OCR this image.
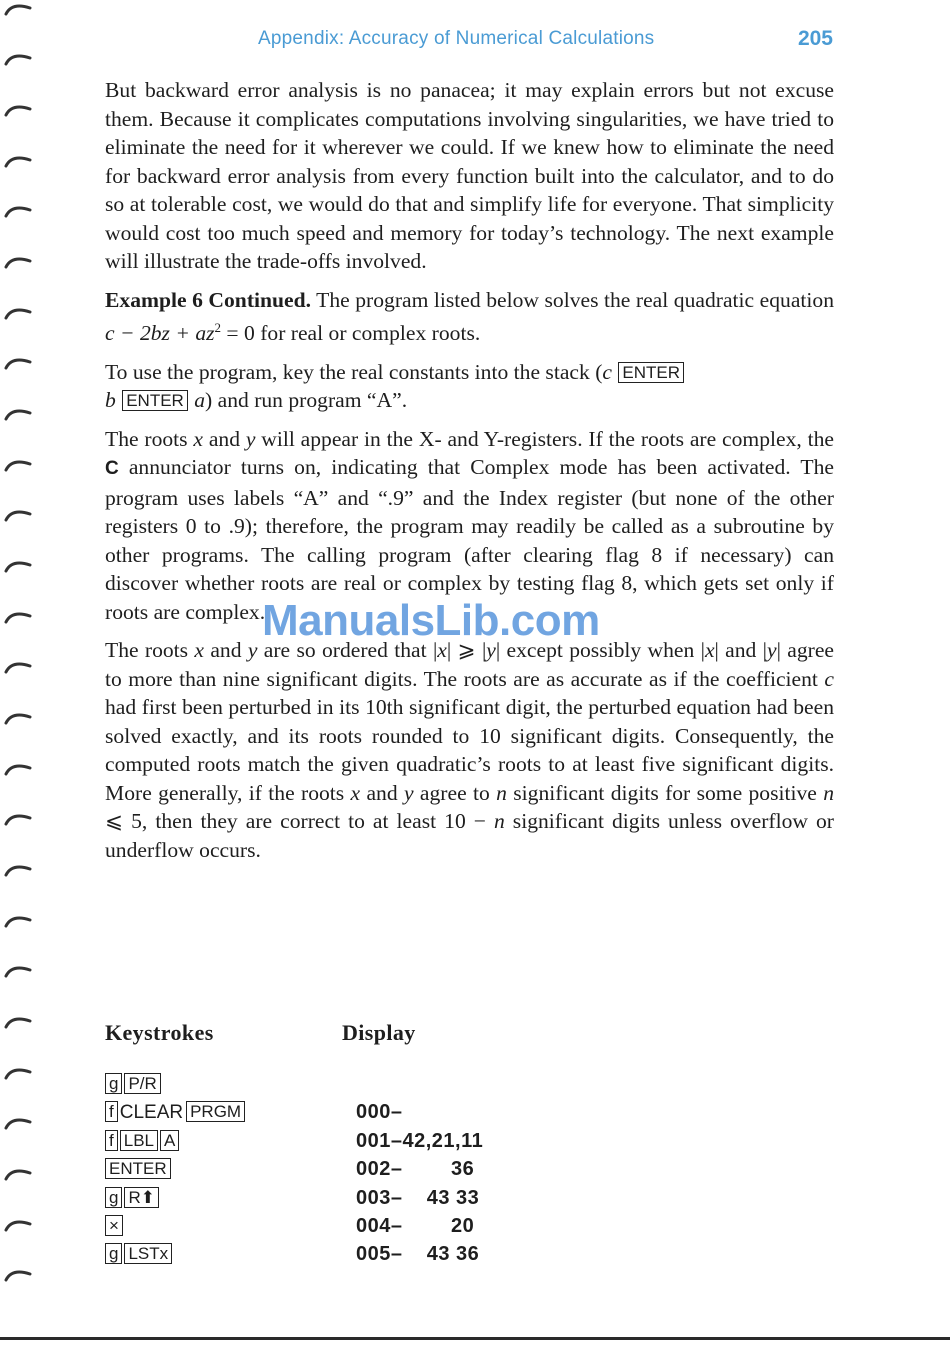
Appendix: Accuracy of Numerical Calculations	205

But backward error analysis is no panacea; it may explain errors but not excuse them. Because it complicates computations involving singularities, we have tried to eliminate the need for it wherever we could. If we knew how to eliminate the need for backward error analysis from every function built into the calculator, and to do so at tolerable cost, we would do that and simplify life for everyone. That simplicity would cost too much speed and memory for today’s technology. The next example will illustrate the trade-offs involved.

Example 6 Continued. The program listed below solves the real quadratic equation $c - 2bz + az^2 = 0$ for real or complex roots.

To use the program, key the real constants into the stack (c ENTER
b ENTER a) and run program “A”.

The roots x and y will appear in the X- and Y-registers. If the roots are complex, the C annunciator turns on, indicating that Complex mode has been activated. The program uses labels “A” and “.9” and the Index register (but none of the other registers 0 to .9); therefore, the program may readily be called as a subroutine by other programs. The calling program (after clearing flag 8 if necessary) can discover whether roots are real or complex by testing flag 8, which gets set only if roots are complex.

The roots x and y are so ordered that |x| ⩾ |y| except possibly when |x| and |y| agree to more than nine significant digits. The roots are as accurate as if the coefficient c had first been perturbed in its 10th significant digit, the perturbed equation had been solved exactly, and its roots rounded to 10 significant digits. Consequently, the computed roots match the given quadratic’s roots to at least five significant digits. More generally, if the roots x and y agree to n significant digits for some positive n ⩽ 5, then they are correct to at least 10 − n significant digits unless overflow or underflow occurs.

ManualsLib.com
Keystrokes	Display
g P/R
f CLEAR PRGM	000–
f LBL A	001–42,21,11
ENTER	002–        36
g R⬆	003–    43 33
×	004–        20
g LSTx	005–    43 36
